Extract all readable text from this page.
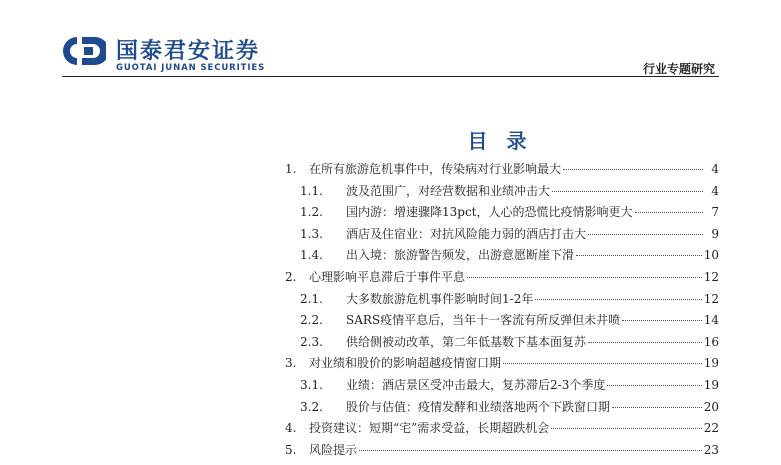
国泰君安证券
GUOTAI JUNAN SECURITIES	行业专题研究
目 录
1.	在所有旅游危机事件中，传染病对行业影响最大	4
1.1.	波及范围广，对经营数据和业绩冲击大	4
1.2.	国内游：增速骤降13pct，人心的恐慌比疫情影响更大	7
1.3.	酒店及住宿业：对抗风险能力弱的酒店打击大	9
1.4.	出入境：旅游警告频发，出游意愿断崖下滑	10
2.	心理影响平息滞后于事件平息	12
2.1.	大多数旅游危机事件影响时间1-2年	12
2.2.	SARS疫情平息后，当年十一客流有所反弹但未井喷	14
2.3.	供给侧被动改革，第二年低基数下基本面复苏	16
3.	对业绩和股价的影响超越疫情窗口期	19
3.1.	业绩：酒店景区受冲击最大，复苏滞后2-3个季度	19
3.2.	股价与估值：疫情发酵和业绩落地两个下跌窗口期	20
4.	投资建议：短期“宅”需求受益，长期超跌机会	22
5.	风险提示	23
